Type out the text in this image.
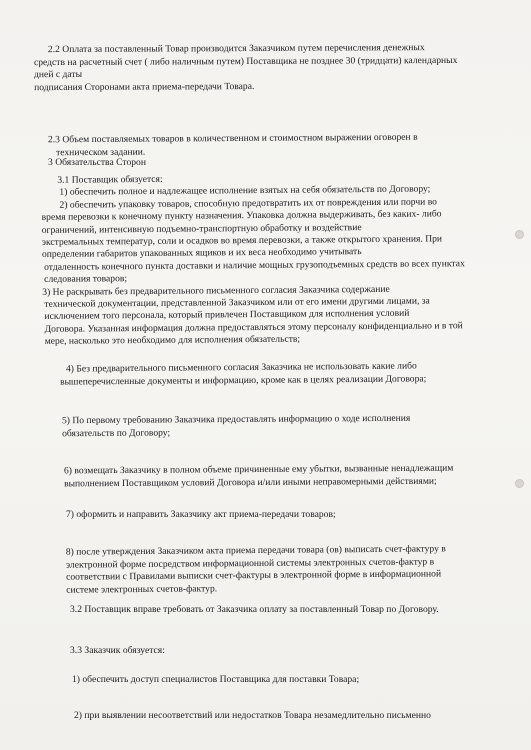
2.2 Оплата за поставленный Товар производится Заказчиком путем перечисления денежных
средств на расчетный счет ( либо наличным путем) Поставщика не позднее 30 (тридцати) календарных
дней с даты
подписания Сторонами акта приема-передачи Товара.
2.3 Объем поставляемых товаров в количественном и стоимостном выражении оговорен в
техническом задании.
3 Обязательства Сторон
3.1 Поставщик обязуется:
1) обеспечить полное и надлежащее исполнение взятых на себя обязательств по Договору;
2) обеспечить упаковку товаров, способную предотвратить их от повреждения или порчи во
время перевозки к конечному пункту назначения. Упаковка должна выдерживать, без каких- либо
ограничений, интенсивную подъемно-транспортную обработку и воздействие
экстремальных температур, соли и осадков во время перевозки, а также открытого хранения. При
определении габаритов упакованных ящиков и их веса необходимо учитывать
отдаленность конечного пункта доставки и наличие мощных грузоподъемных средств во всех пунктах
следования товаров;
3) Не раскрывать без предварительного письменного согласия Заказчика содержание
технической документации, представленной Заказчиком или от его имени другими лицами, за
исключением того персонала, который привлечен Поставщиком для исполнения условий
Договора. Указанная информация должна предоставляться этому персоналу конфиденциально и в той
мере, насколько это необходимо для исполнения обязательств;
4) Без предварительного письменного согласия Заказчика не использовать какие либо
вышеперечисленные документы и информацию, кроме как в целях реализации Договора;
5) По первому требованию Заказчика предоставлять информацию о ходе исполнения
обязательств по Договору;
6) возмещать Заказчику в полном объеме причиненные ему убытки, вызванные ненадлежащим
выполнением Поставщиком условий Договора и/или иными неправомерными действиями;
7) оформить и направить Заказчику акт приема-передачи товаров;
8) после утверждения Заказчиком акта приема передачи товара (ов) выписать счет-фактуру в
электронной форме посредством информационной системы электронных счетов-фактур в
соответствии с Правилами выписки счет-фактуры в электронной форме в информационной
системе электронных счетов-фактур.
3.2 Поставщик вправе требовать от Заказчика оплату за поставленный Товар по Договору.
3.3 Заказчик обязуется:
1) обеспечить доступ специалистов Поставщика для поставки Товара;
2) при выявлении несоответствий или недостатков Товара незамедлительно письменно
